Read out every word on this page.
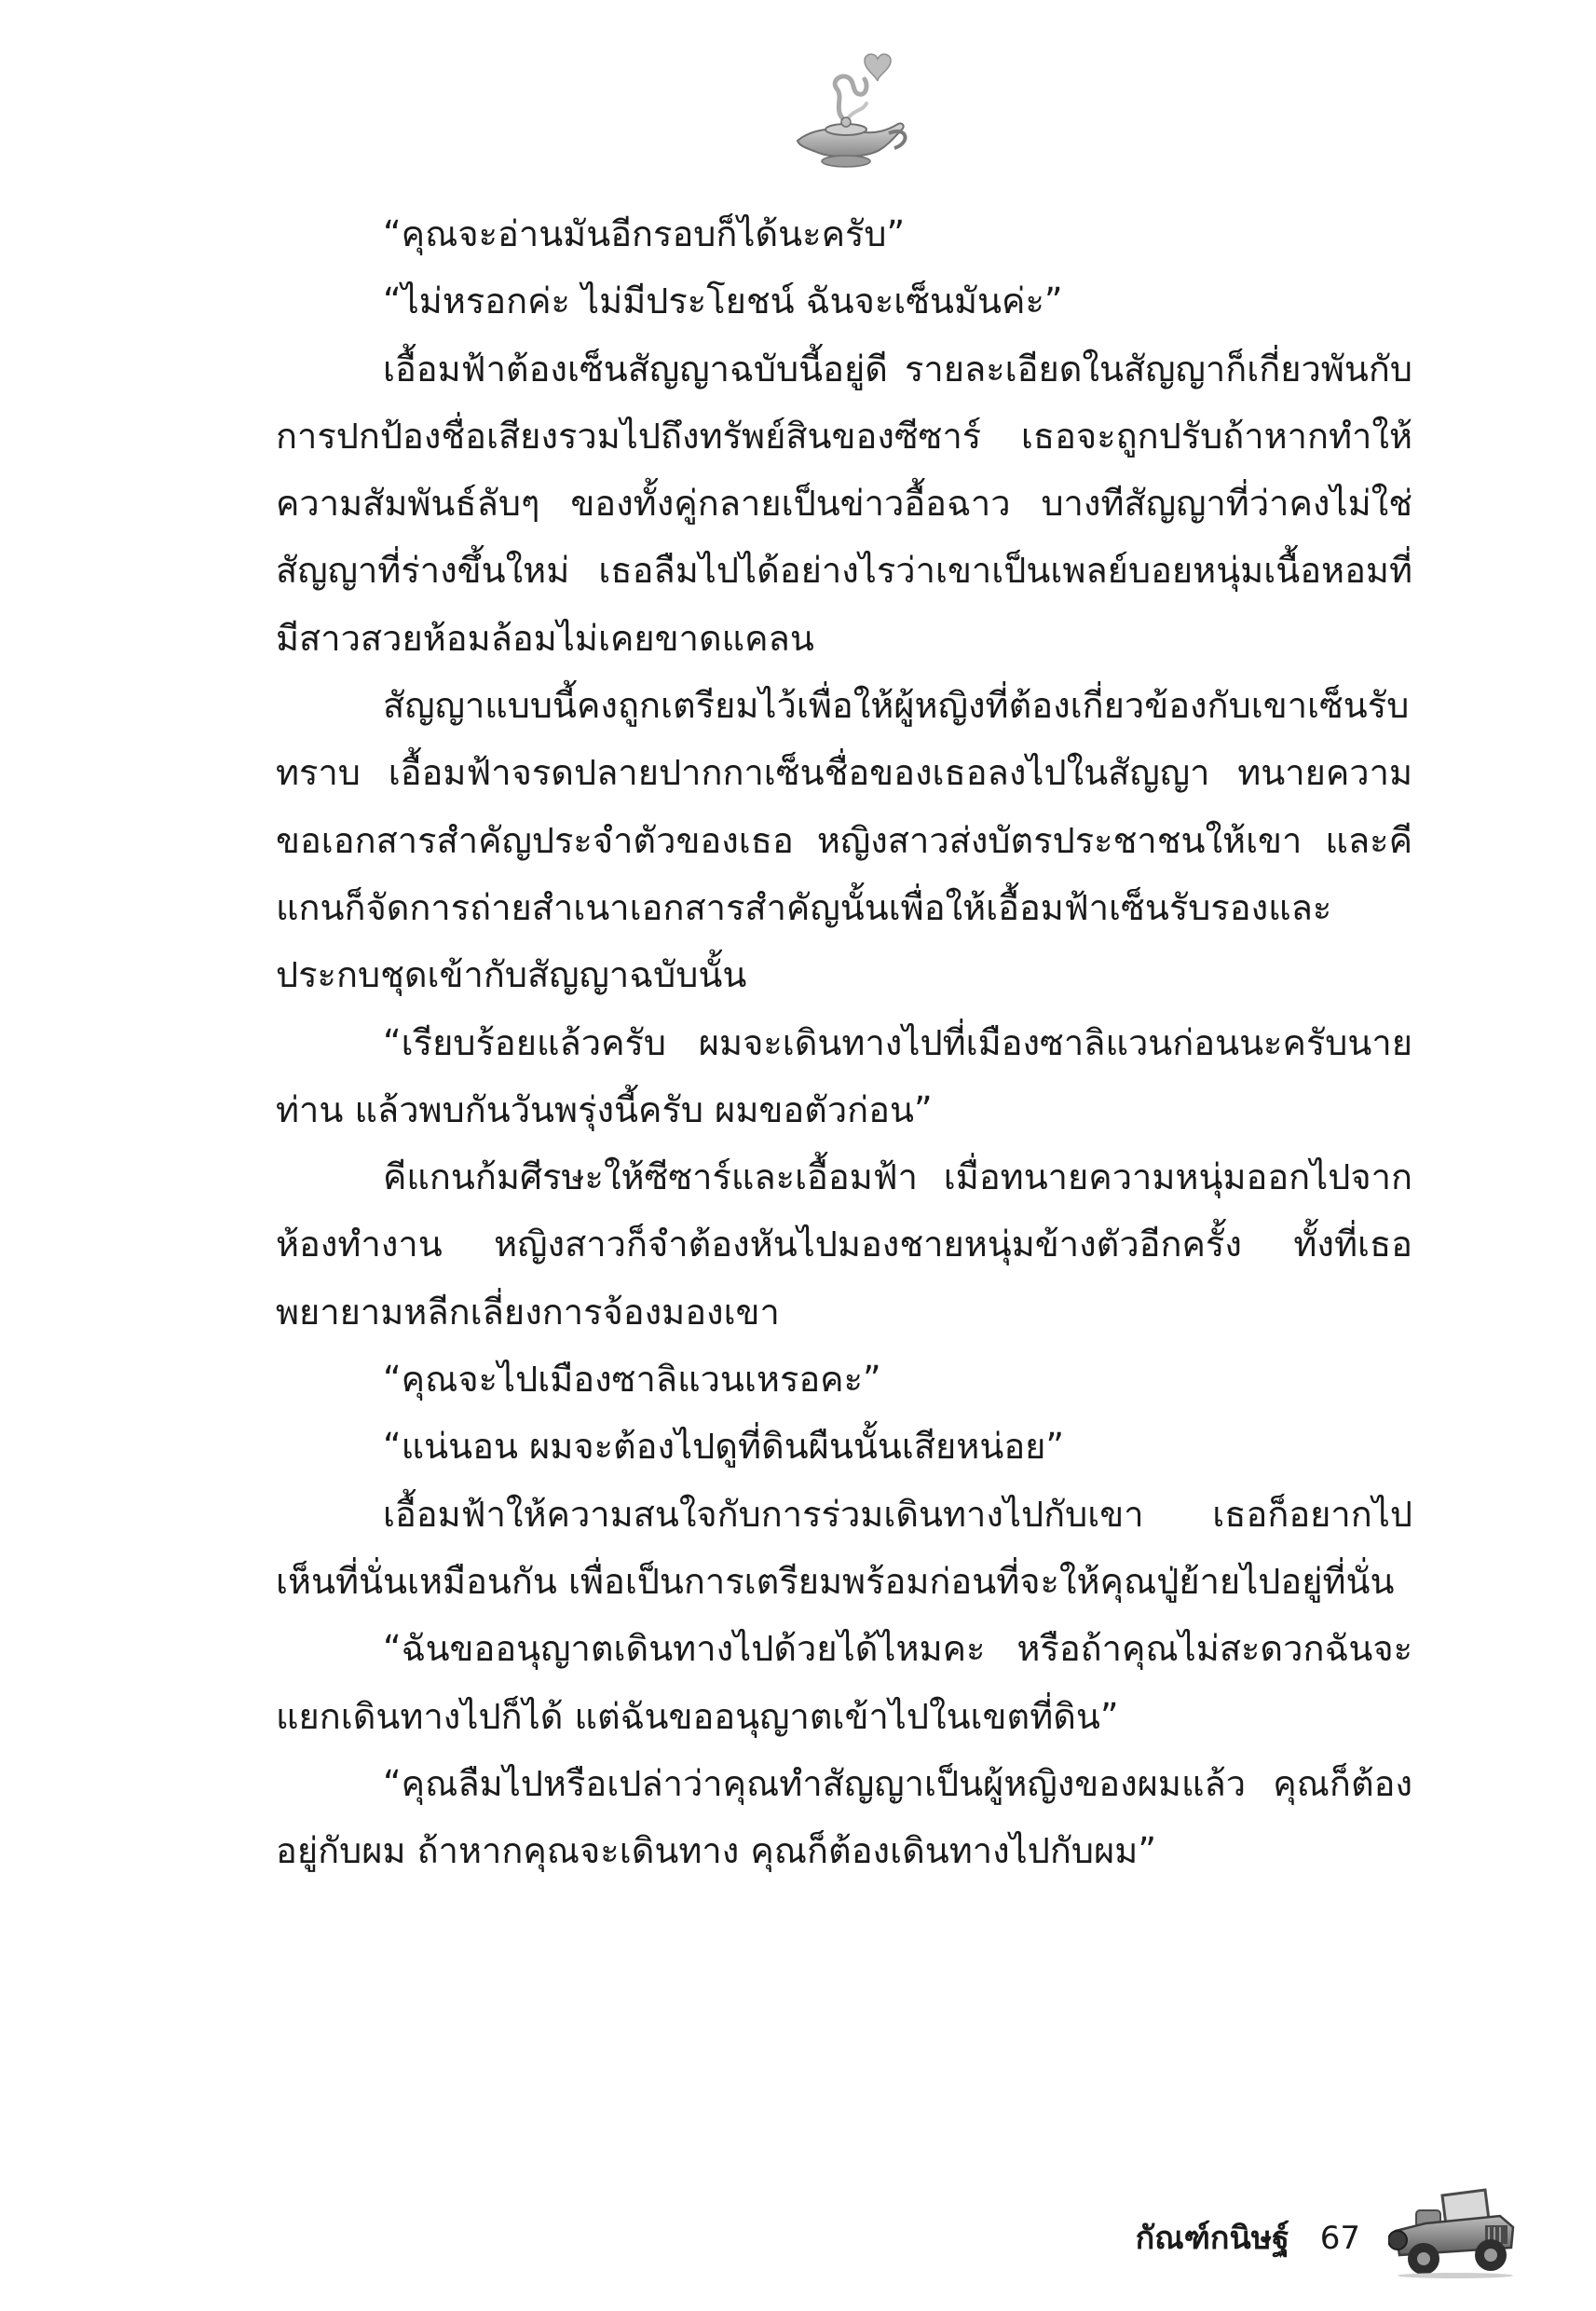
“คุณจะอ่านมันอีกรอบก็ได้นะครับ”

“ไม่หรอกค่ะ ไม่มีประโยชน์ ฉันจะเซ็นมันค่ะ”

เอื้อมฟ้าต้องเซ็นสัญญาฉบับนี้อยู่ดี รายละเอียดในสัญญาก็เกี่ยวพันกับการปกป้องชื่อเสียงรวมไปถึงทรัพย์สินของซีซาร์ เธอจะถูกปรับถ้าหากทำให้ความสัมพันธ์ลับๆ ของทั้งคู่กลายเป็นข่าวอื้อฉาว บางทีสัญญาที่ว่าคงไม่ใช่สัญญาที่ร่างขึ้นใหม่ เธอลืมไปได้อย่างไรว่าเขาเป็นเพลย์บอยหนุ่มเนื้อหอมที่มีสาวสวยห้อมล้อมไม่เคยขาดแคลน

สัญญาแบบนี้คงถูกเตรียมไว้เพื่อให้ผู้หญิงที่ต้องเกี่ยวข้องกับเขาเซ็นรับทราบ เอื้อมฟ้าจรดปลายปากกาเซ็นชื่อของเธอลงไปในสัญญา ทนายความขอเอกสารสำคัญประจำตัวของเธอ หญิงสาวส่งบัตรประชาชนให้เขา และคีแกนก็จัดการถ่ายสำเนาเอกสารสำคัญนั้นเพื่อให้เอื้อมฟ้าเซ็นรับรองและประกบชุดเข้ากับสัญญาฉบับนั้น

“เรียบร้อยแล้วครับ ผมจะเดินทางไปที่เมืองซาลิแวนก่อนนะครับนายท่าน แล้วพบกันวันพรุ่งนี้ครับ ผมขอตัวก่อน”

คีแกนก้มศีรษะให้ซีซาร์และเอื้อมฟ้า เมื่อทนายความหนุ่มออกไปจากห้องทำงาน หญิงสาวก็จำต้องหันไปมองชายหนุ่มข้างตัวอีกครั้ง ทั้งที่เธอพยายามหลีกเลี่ยงการจ้องมองเขา

“คุณจะไปเมืองซาลิแวนเหรอคะ”

“แน่นอน ผมจะต้องไปดูที่ดินผืนนั้นเสียหน่อย”

เอื้อมฟ้าให้ความสนใจกับการร่วมเดินทางไปกับเขา เธอก็อยากไปเห็นที่นั่นเหมือนกัน เพื่อเป็นการเตรียมพร้อมก่อนที่จะให้คุณปู่ย้ายไปอยู่ที่นั่น

“ฉันขออนุญาตเดินทางไปด้วยได้ไหมคะ หรือถ้าคุณไม่สะดวกฉันจะแยกเดินทางไปก็ได้ แต่ฉันขออนุญาตเข้าไปในเขตที่ดิน”

“คุณลืมไปหรือเปล่าว่าคุณทำสัญญาเป็นผู้หญิงของผมแล้ว คุณก็ต้องอยู่กับผม ถ้าหากคุณจะเดินทาง คุณก็ต้องเดินทางไปกับผม”

กัณฑ์กนิษฐ์ 67
